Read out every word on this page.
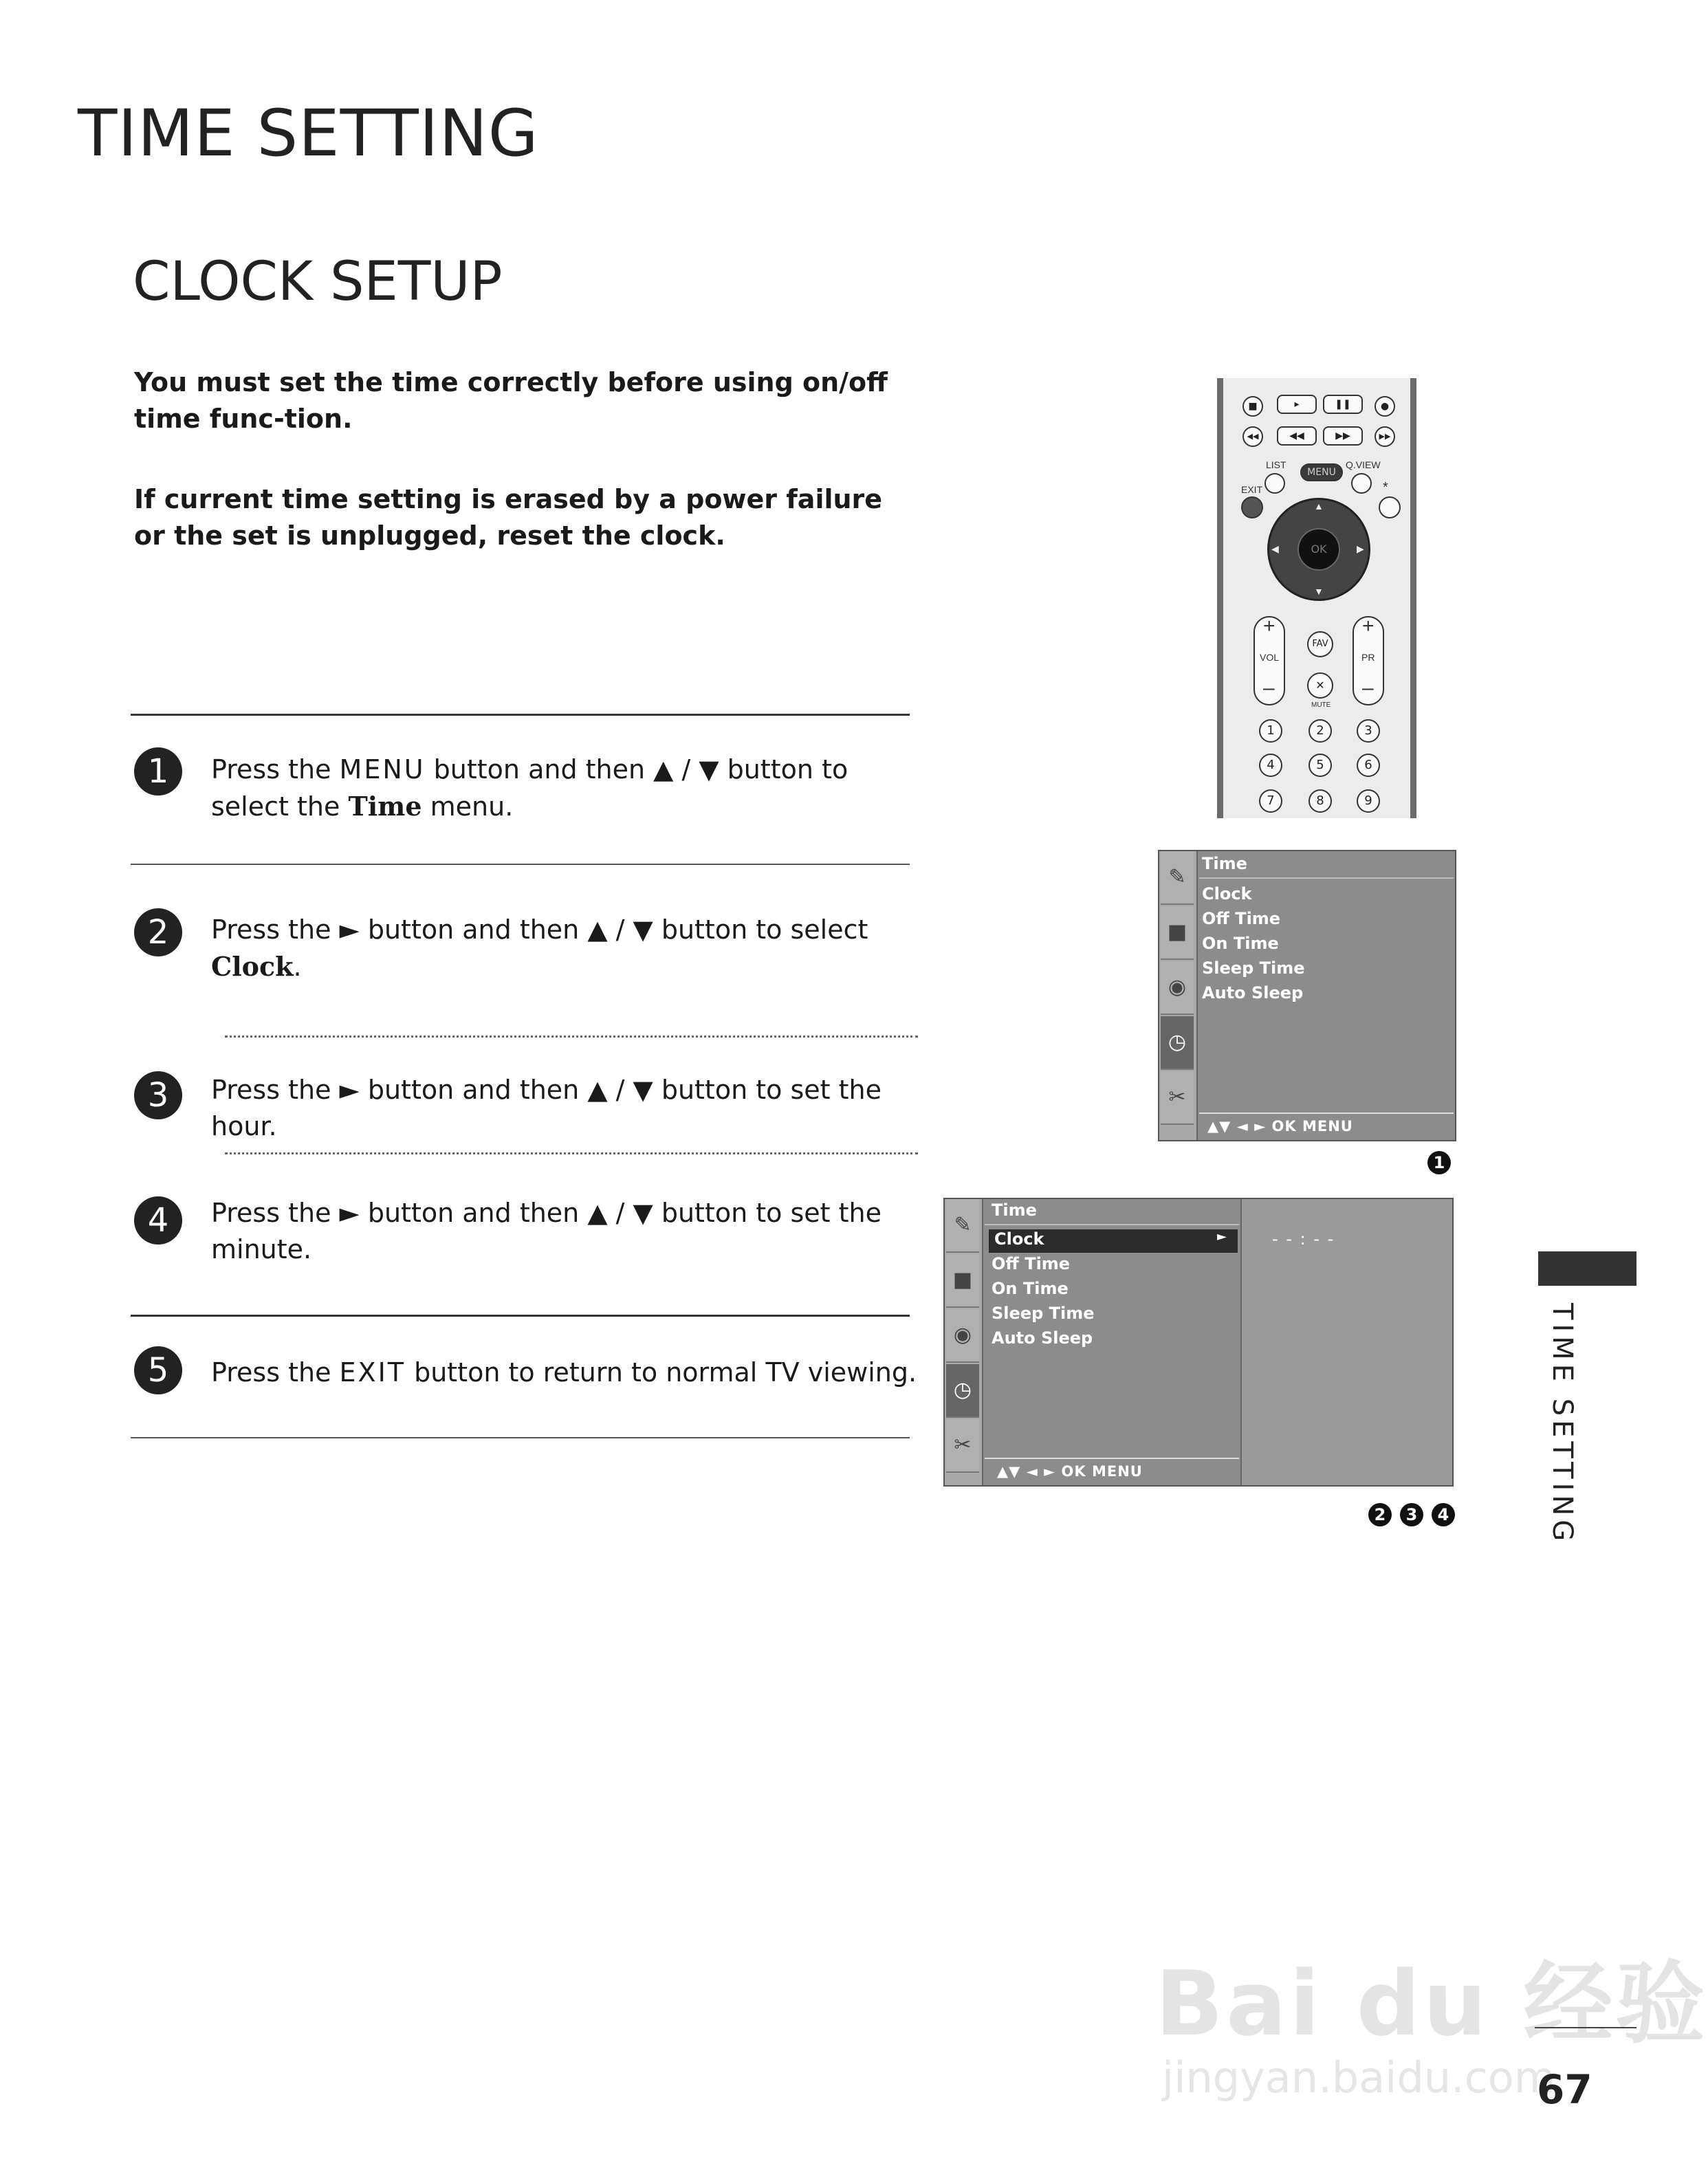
TIME SETTING
CLOCK SETUP
You must set the time correctly before using on/off time func-tion.
If current time setting is erased by a power failure or the set is unplugged, reset the clock.
1	Press the MENU button and then ▲ / ▼ button to select the Time menu.
2	Press the ► button and then ▲ / ▼ button to select Clock.
3	Press the ► button and then ▲ / ▼ button to set the hour.
4	Press the ► button and then ▲ / ▼ button to set the minute.
5	Press the EXIT button to return to normal TV viewing.
■	▸	❚❚	●
◀◀	◀◀	▶▶	▶▶
LIST
MENU
Q.VIEW
EXIT	*
▲
▼
◀	▶
OK
+
VOL
–
+
PR
–
FAV
✕
MUTE
1	2	3
4	5	6
7	8	9
✎
■
◉
◷
✂
Time
Clock
Off Time
On Time
Sleep Time
Auto Sleep
▲▼ ◄ ► OK MENU
1
✎
■
◉
◷
✂
Time
Clock	►
Off Time
On Time
Sleep Time
Auto Sleep
- - : - -
▲▼ ◄ ► OK MENU
2	3	4	TIME SETTING
Bai du 经验
jingyan.baidu.com
67
